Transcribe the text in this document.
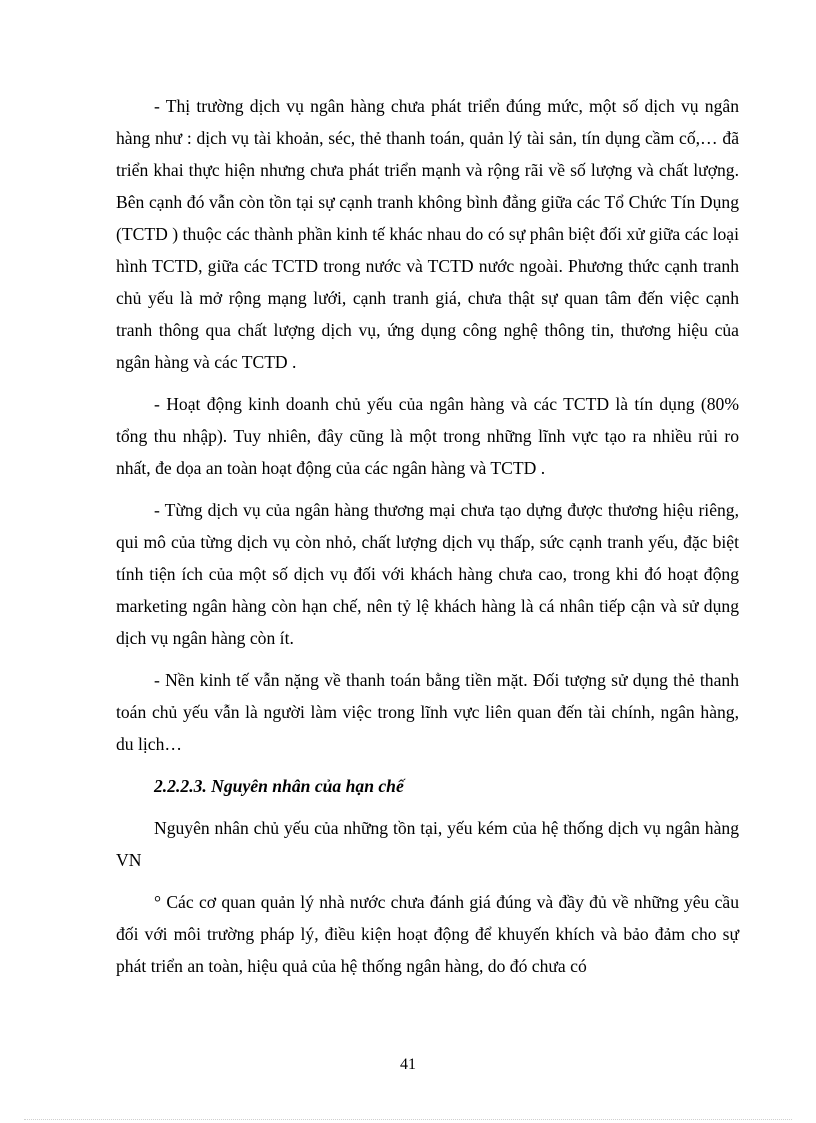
- Thị trường dịch vụ ngân hàng chưa phát triển đúng mức, một số dịch vụ ngân hàng như : dịch vụ tài khoản, séc, thẻ thanh toán, quản lý tài sản, tín dụng cầm cố,… đã triển khai thực hiện nhưng chưa phát triển mạnh và rộng rãi về số lượng và chất lượng. Bên cạnh đó vẫn còn tồn tại sự cạnh tranh không bình đẳng giữa các Tổ Chức Tín Dụng (TCTD ) thuộc các thành phần kinh tế khác nhau do có sự phân biệt đối xử giữa các loại hình TCTD, giữa các TCTD trong nước và TCTD nước ngoài. Phương thức cạnh tranh chủ yếu là mở rộng mạng lưới, cạnh tranh giá, chưa thật sự quan tâm đến việc cạnh tranh thông qua chất lượng dịch vụ, ứng dụng công nghệ thông tin, thương hiệu của ngân hàng và các TCTD .

- Hoạt động kinh doanh chủ yếu của ngân hàng và các TCTD là tín dụng (80% tổng thu nhập). Tuy nhiên, đây cũng là một trong những lĩnh vực tạo ra nhiều rủi ro nhất, đe dọa an toàn hoạt động của các ngân hàng và TCTD .

- Từng dịch vụ của ngân hàng thương mại chưa tạo dựng được thương hiệu riêng, qui mô của từng dịch vụ còn nhỏ, chất lượng dịch vụ thấp, sức cạnh tranh yếu, đặc biệt tính tiện ích của một số dịch vụ đối với khách hàng chưa cao, trong khi đó hoạt động marketing ngân hàng còn hạn chế, nên tỷ lệ khách hàng là cá nhân tiếp cận và sử dụng dịch vụ ngân hàng còn ít.

- Nền kinh tế vẫn nặng về thanh toán bằng tiền mặt. Đối tượng sử dụng thẻ thanh toán chủ yếu vẫn là người làm việc trong lĩnh vực liên quan đến tài chính, ngân hàng, du lịch…

2.2.2.3. Nguyên nhân của hạn chế

Nguyên nhân chủ yếu của những tồn tại, yếu kém của hệ thống dịch vụ ngân hàng VN

° Các cơ quan quản lý nhà nước chưa đánh giá đúng và đầy đủ về những yêu cầu đối với môi trường pháp lý, điều kiện hoạt động để khuyến khích và bảo đảm cho sự phát triển an toàn, hiệu quả của hệ thống ngân hàng, do đó chưa có

41
